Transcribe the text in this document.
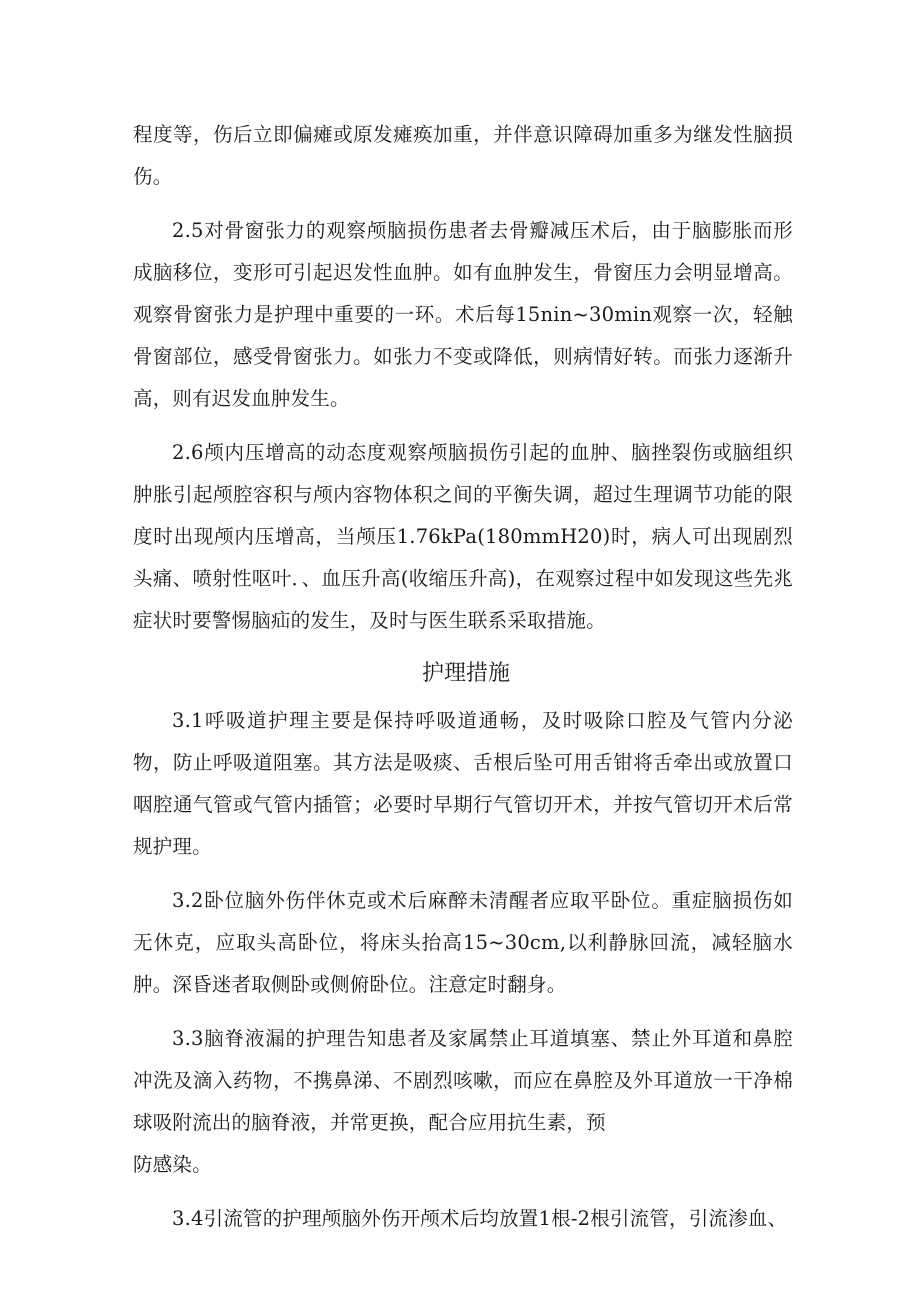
程度等，伤后立即偏瘫或原发瘫痪加重，并伴意识障碍加重多为继发性脑损伤。

2.5对骨窗张力的观察颅脑损伤患者去骨瓣减压术后，由于脑膨胀而形成脑移位，变形可引起迟发性血肿。如有血肿发生，骨窗压力会明显增高。观察骨窗张力是护理中重要的一环。术后每15nin~30min观察一次，轻触骨窗部位，感受骨窗张力。如张力不变或降低，则病情好转。而张力逐渐升高，则有迟发血肿发生。

2.6颅内压增高的动态度观察颅脑损伤引起的血肿、脑挫裂伤或脑组织肿胀引起颅腔容积与颅内容物体积之间的平衡失调，超过生理调节功能的限度时出现颅内压增高，当颅压1.76kPa(180mmH20)时，病人可出现剧烈头痛、喷射性呕叶．、血压升高(收缩压升高)，在观察过程中如发现这些先兆症状时要警惕脑疝的发生，及时与医生联系采取措施。

护理措施

3.1呼吸道护理主要是保持呼吸道通畅，及时吸除口腔及气管内分泌物，防止呼吸道阻塞。其方法是吸痰、舌根后坠可用舌钳将舌牵出或放置口咽腔通气管或气管内插管；必要时早期行气管切开术，并按气管切开术后常规护理。

3.2卧位脑外伤伴休克或术后麻醉未清醒者应取平卧位。重症脑损伤如无休克，应取头高卧位，将床头抬高15~30cm,以利静脉回流，减轻脑水肿。深昏迷者取侧卧或侧俯卧位。注意定时翻身。

3.3脑脊液漏的护理告知患者及家属禁止耳道填塞、禁止外耳道和鼻腔冲洗及滴入药物，不携鼻涕、不剧烈咳嗽，而应在鼻腔及外耳道放一干净棉球吸附流出的脑脊液，并常更换，配合应用抗生素，预
防感染。

3.4引流管的护理颅脑外伤开颅术后均放置1根-2根引流管，引流渗血、
